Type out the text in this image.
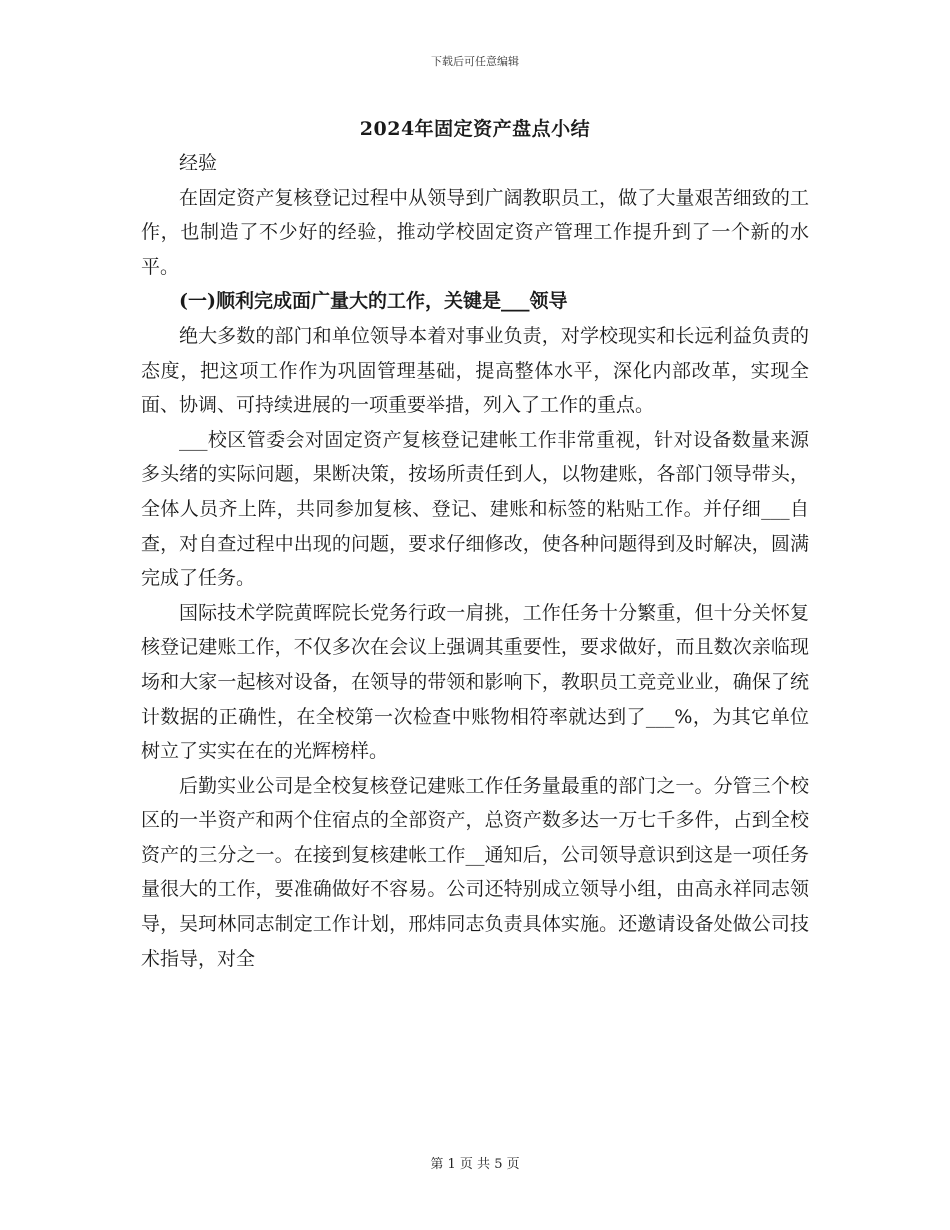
下载后可任意编辑
2024年固定资产盘点小结

经验

在固定资产复核登记过程中从领导到广阔教职员工，做了大量艰苦细致的工作，也制造了不少好的经验，推动学校固定资产管理工作提升到了一个新的水平。

(一)顺利完成面广量大的工作，关键是___领导

绝大多数的部门和单位领导本着对事业负责，对学校现实和长远利益负责的态度，把这项工作作为巩固管理基础，提高整体水平，深化内部改革，实现全面、协调、可持续进展的一项重要举措，列入了工作的重点。

___校区管委会对固定资产复核登记建帐工作非常重视，针对设备数量来源多头绪的实际问题，果断决策，按场所责任到人，以物建账，各部门领导带头，全体人员齐上阵，共同参加复核、登记、建账和标签的粘贴工作。并仔细___自查，对自查过程中出现的问题，要求仔细修改，使各种问题得到及时解决，圆满完成了任务。

国际技术学院黄晖院长党务行政一肩挑，工作任务十分繁重，但十分关怀复核登记建账工作，不仅多次在会议上强调其重要性，要求做好，而且数次亲临现场和大家一起核对设备，在领导的带领和影响下，教职员工竞竞业业，确保了统计数据的正确性，在全校第一次检查中账物相符率就达到了___%，为其它单位树立了实实在在的光辉榜样。

后勤实业公司是全校复核登记建账工作任务量最重的部门之一。分管三个校区的一半资产和两个住宿点的全部资产，总资产数多达一万七千多件，占到全校资产的三分之一。在接到复核建帐工作__通知后，公司领导意识到这是一项任务量很大的工作，要准确做好不容易。公司还特别成立领导小组，由高永祥同志领导，吴珂林同志制定工作计划，邢炜同志负责具体实施。还邀请设备处做公司技术指导，对全

第 1 页 共 5 页
